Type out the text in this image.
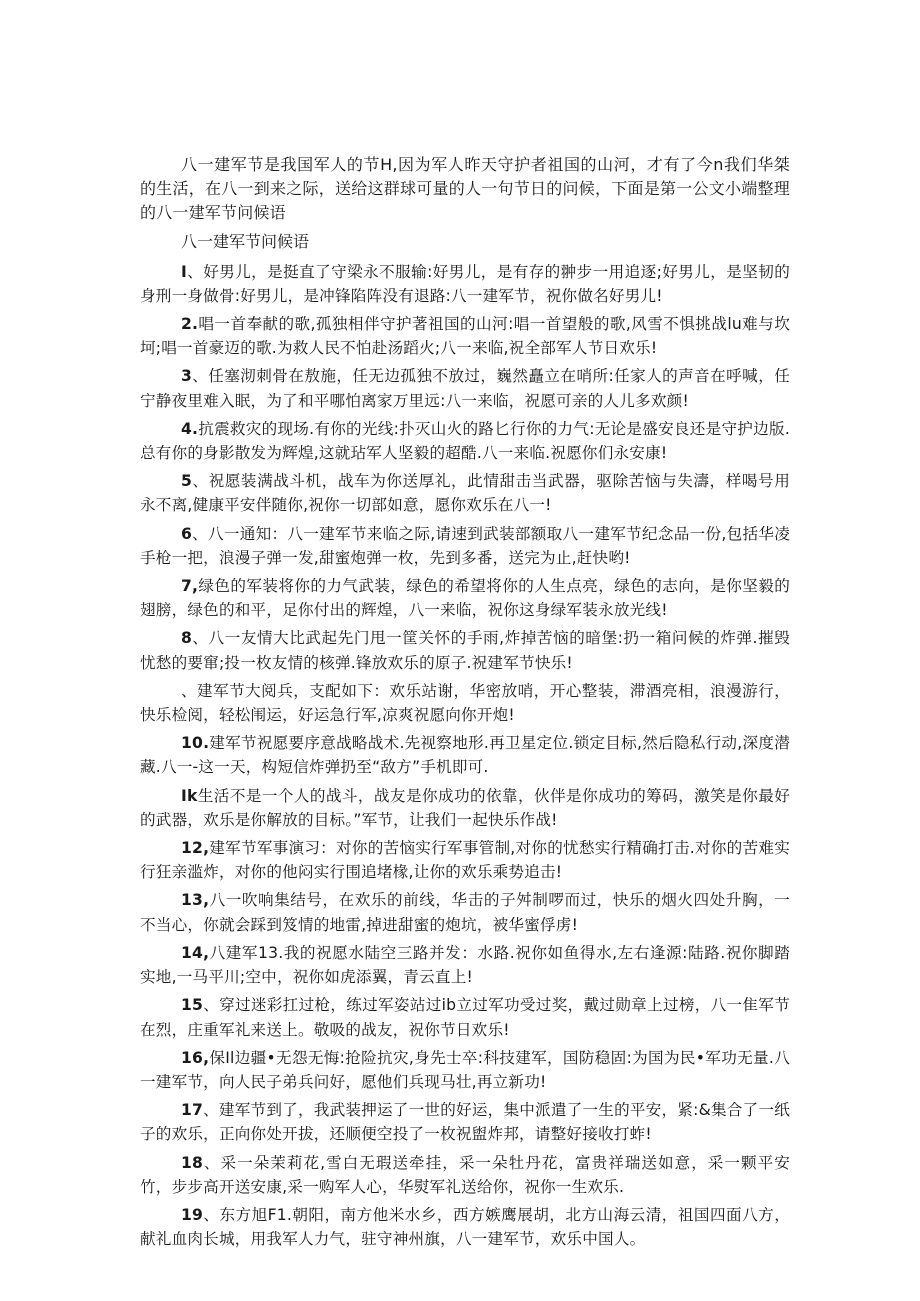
八一建军节是我国军人的节H,因为军人昨天守护者祖国的山河，才有了今n我们华桀的生活，在八一到来之际，送给这群球可量的人一句节日的问候，下面是第一公文小端整理的八一建军节问候语

八一建军节问候语

I、好男儿，是挺直了守梁永不服输:好男儿，是有存的翀步一用追逐;好男儿，是坚韧的身刑一身做骨:好男儿，是冲锋陷阵没有退路:八一建军节，祝你做名好男儿!

2.唱一首奉献的歌,孤独相伴守护著祖国的山河:唱一首望般的歌,风雪不惧挑战lu难与坎坷;唱一首豪迈的歌.为救人民不怕赴汤蹈火;八一来临,祝全部军人节日欢乐!

3、任塞沏刺骨在敖施，任无边孤独不放过，巍然矗立在哨所:任家人的声音在呼喊，任宁静夜里难入眠，为了和平哪怕离家万里远:八一来临，祝愿可亲的人儿多欢颜!

4.抗震救灾的现场.有你的光线:扑灭山火的路匕行你的力气:无论是盛安良还是守护边版.总有你的身影散发为辉煌,这就玷军人坚毅的超酷.八一来临.祝愿你们永安康!

5、祝愿装满战斗机，战车为你送厚礼，此情甜击当武器，驱除苦恼与失濤，样喝号用永不离,健康平安伴随你,祝你一切部如意，愿你欢乐在八一!

6、八一通知：八一建军节来临之际,请速到武装部额取八一建军节纪念品一份,包括华凌手枪一把，浪漫子弹一发,甜蜜炮弹一枚，先到多番，送完为止,赶快哟!

7,绿色的军装将你的力气武装，绿色的希望将你的人生点亮，绿色的志向，是你坚毅的翅膀，绿色的和平，足你付出的辉煌，八一来临，祝你这身绿军装永放光线!

8、八一友情大比武起先门甩一筐关怀的手雨,炸掉苦恼的暗堡:扔一箱问候的炸弹.摧毁忧愁的要窜;投一枚友情的核弹.锋放欢乐的原子.祝建军节快乐!

、建军节大阅兵，支配如下：欢乐站谢，华密放哨，开心整装，滞酒亮相，浪漫游行，快乐检阅，轻松闱运，好运急行军,凉爽祝愿向你开炮!

10.建军节祝愿要序意战略战术.先视察地形.再卫星定位.锁定目标,然后隐私行动,深度潜藏.八一-这一天，构短信炸弹扔至“敌方”手机即可.

Ik生活不是一个人的战斗，战友是你成功的依靠，伙伴是你成功的筹码，激笑是你最好的武器，欢乐是你解放的目标。”军节，让我们一起快乐作战!

12,建军节军事演习：对你的苦恼实行军事管制,对你的忧愁实行精确打击.对你的苦难实行狂亲滥炸，对你的他闷实行围追堵椽,让你的欢乐乘势追击!

13,八一吹响集结号，在欢乐的前线，华击的子舛制啰而过，快乐的烟火四处升胸，一不当心，你就会踩到笈情的地雷,掉进甜蜜的炮坑，被华蜜俘虏!

14,八建军13.我的祝愿水陆空三路并发：水路.祝你如鱼得水,左右逢源:陆路.祝你脚踏实地,一马平川;空中，祝你如虎添翼，青云直上!

15、穿过迷彩扛过枪，练过军姿站过ib立过军功受过奖，戴过勋章上过榜，八一隹军节在烈，庄重军礼来送上。敬吸的战友，祝你节日欢乐!

16,保Il边疆•无怨无悔:抢险抗灾,身先士卒:科技建军，国防稳固:为国为民•军功无量.八一建军节，向人民子弟兵问好，愿他们兵现马壮,再立新功!

17、建军节到了，我武装押运了一世的好运，集中派遣了一生的平安，紧:&集合了一纸子的欢乐，正向你处开拔，还顺便空投了一枚祝盥炸邦，请整好接收打蚱!

18、采一朵茉莉花,雪白无瑕送牵挂，采一朵牡丹花，富贵祥瑞送如意，采一颗平安竹，步步高开送安康,采一购军人心，华熨军礼送给你，祝你一生欢乐.

19、东方旭F1.朝阳，南方他米水乡，西方嫉鹰展胡，北方山海云清，祖国四面八方，献礼血肉长城，用我军人力气，驻守神州旗，八一建军节，欢乐中国人。
